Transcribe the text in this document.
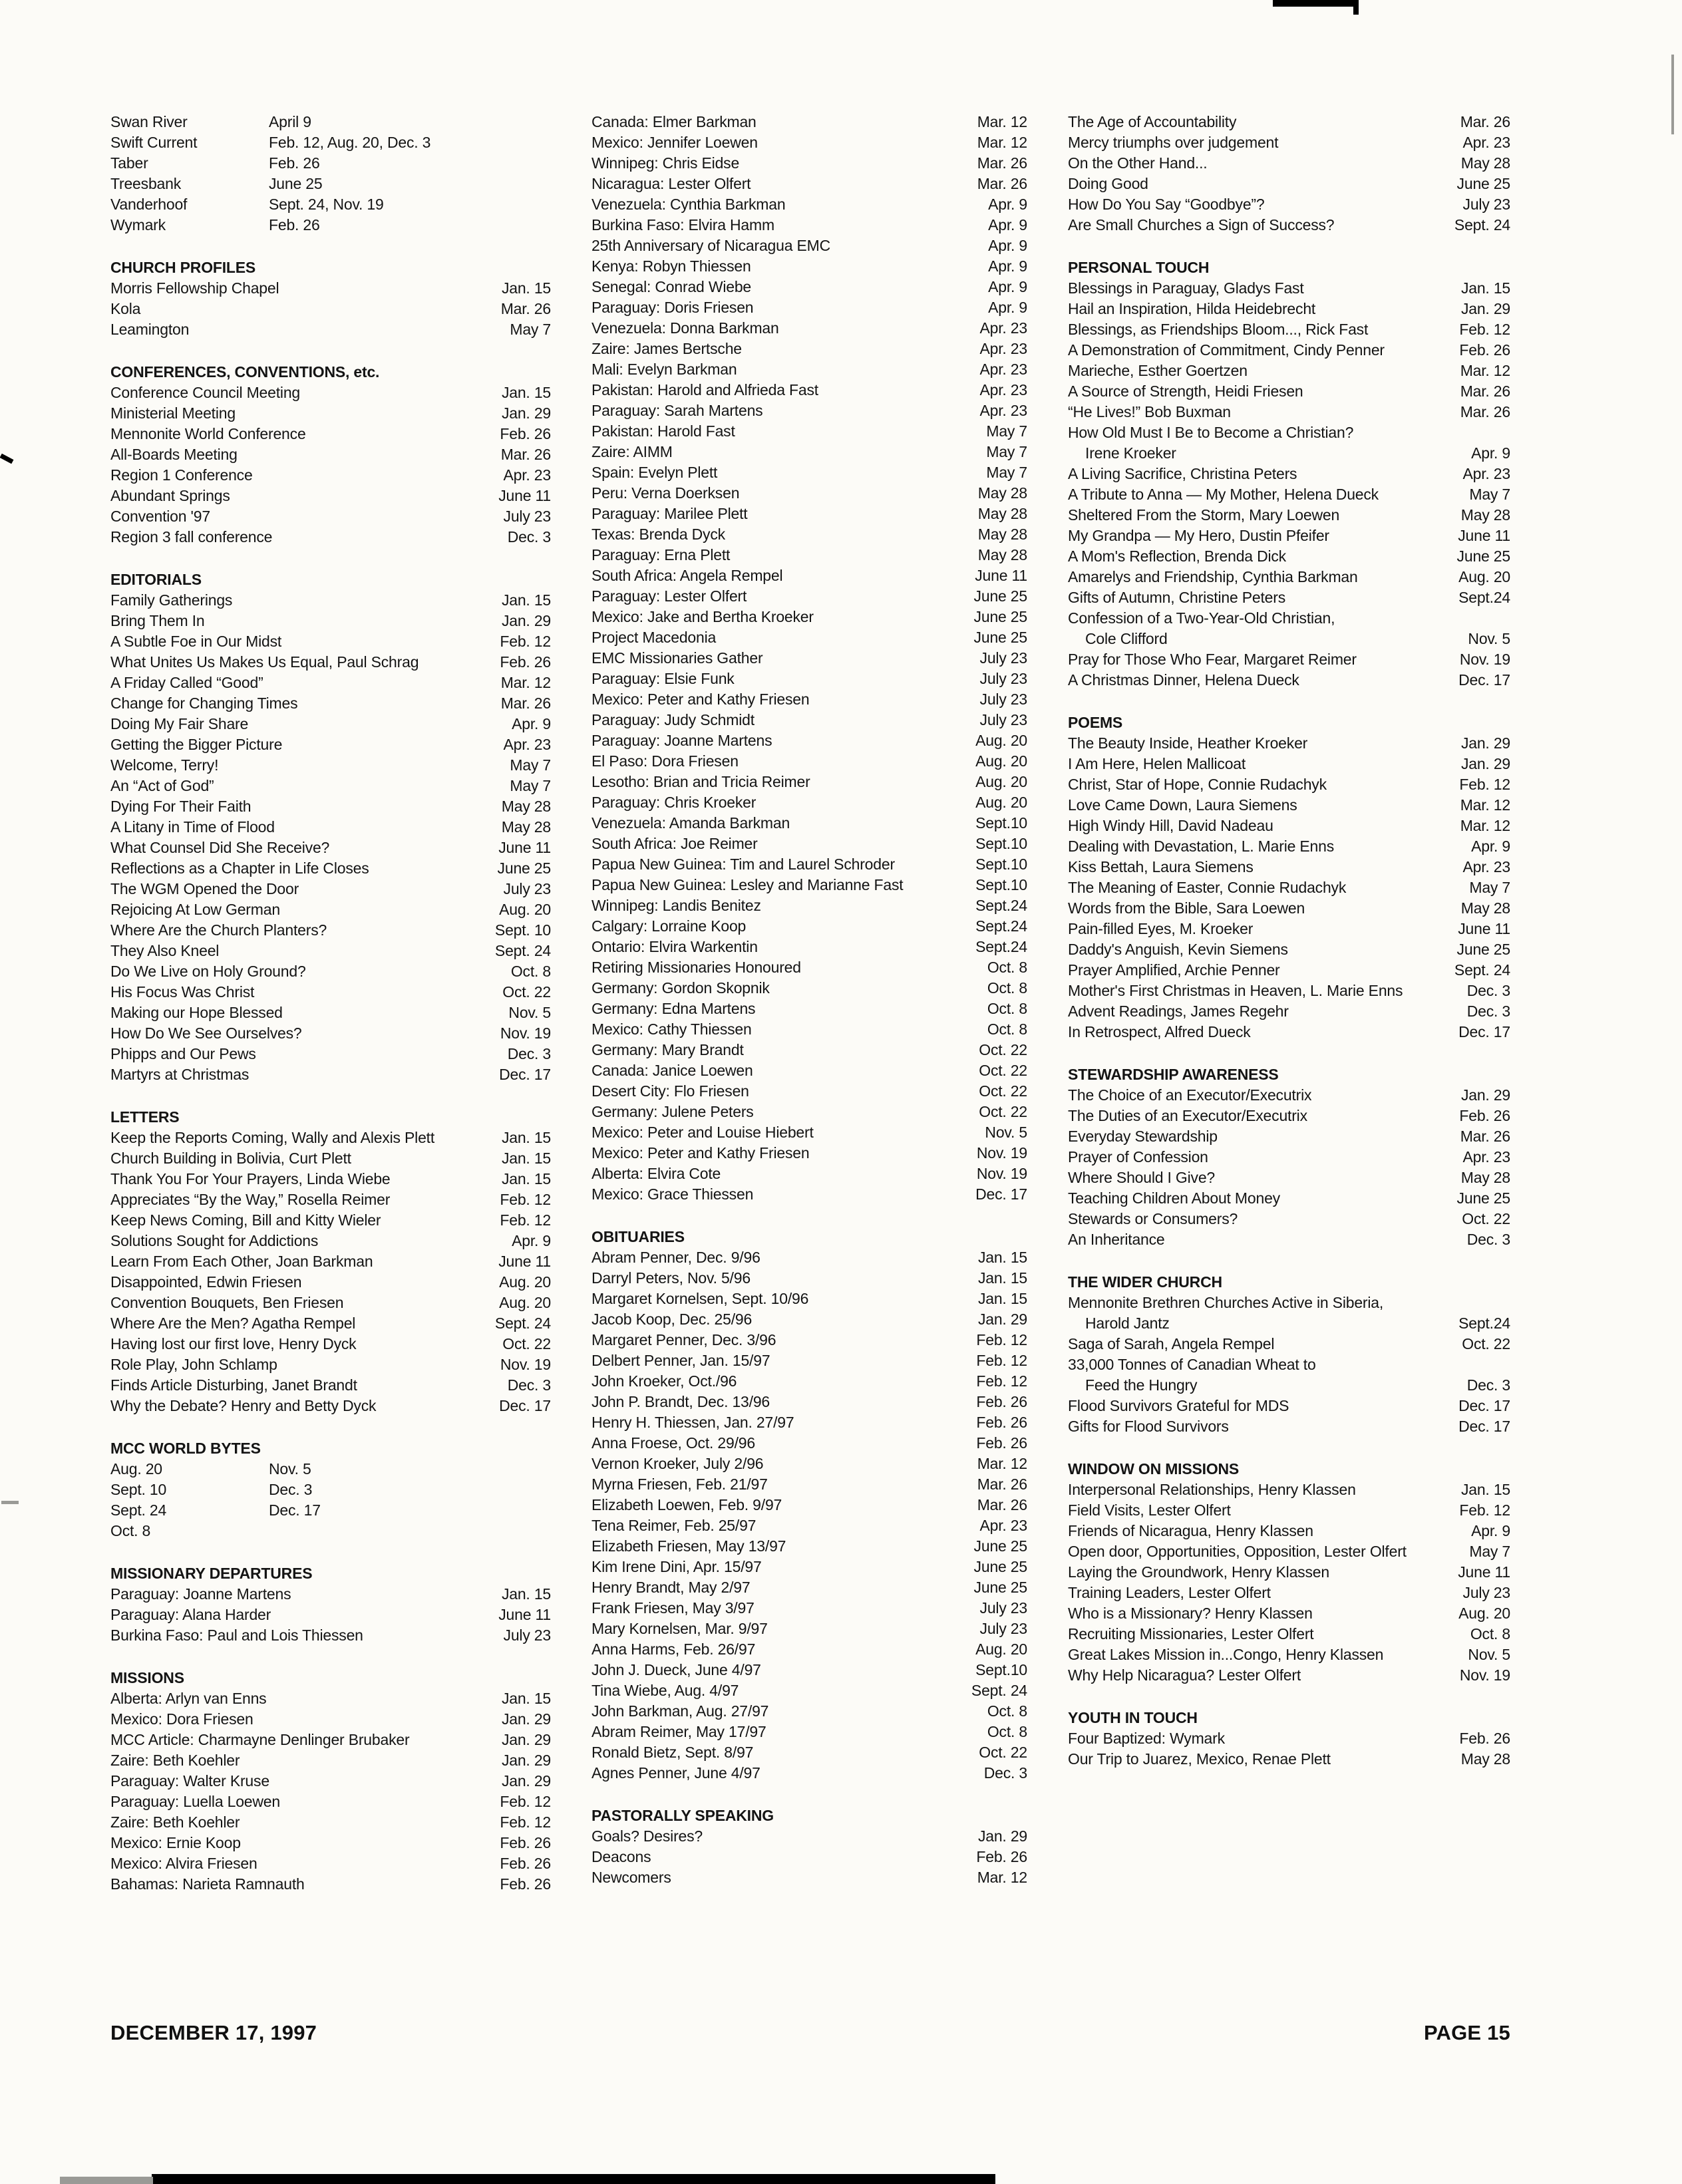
Swan River	April 9
Swift Current	Feb. 12, Aug. 20, Dec. 3
Taber	Feb. 26
Treesbank	June 25
Vanderhoof	Sept. 24, Nov. 19
Wymark	Feb. 26
CHURCH PROFILES
Morris Fellowship Chapel	Jan. 15
Kola	Mar. 26
Leamington	May 7
CONFERENCES, CONVENTIONS, etc.
Conference Council Meeting	Jan. 15
Ministerial Meeting	Jan. 29
Mennonite World Conference	Feb. 26
All-Boards Meeting	Mar. 26
Region 1 Conference	Apr. 23
Abundant Springs	June 11
Convention '97	July 23
Region 3 fall conference	Dec. 3
EDITORIALS
Family Gatherings	Jan. 15
Bring Them In	Jan. 29
A Subtle Foe in Our Midst	Feb. 12
What Unites Us Makes Us Equal, Paul Schrag	Feb. 26
A Friday Called “Good”	Mar. 12
Change for Changing Times	Mar. 26
Doing My Fair Share	Apr. 9
Getting the Bigger Picture	Apr. 23
Welcome, Terry!	May 7
An “Act of God”	May 7
Dying For Their Faith	May 28
A Litany in Time of Flood	May 28
What Counsel Did She Receive?	June 11
Reflections as a Chapter in Life Closes	June 25
The WGM Opened the Door	July 23
Rejoicing At Low German	Aug. 20
Where Are the Church Planters?	Sept. 10
They Also Kneel	Sept. 24
Do We Live on Holy Ground?	Oct. 8
His Focus Was Christ	Oct. 22
Making our Hope Blessed	Nov. 5
How Do We See Ourselves?	Nov. 19
Phipps and Our Pews	Dec. 3
Martyrs at Christmas	Dec. 17
LETTERS
Keep the Reports Coming, Wally and Alexis Plett	Jan. 15
Church Building in Bolivia, Curt Plett	Jan. 15
Thank You For Your Prayers, Linda Wiebe	Jan. 15
Appreciates “By the Way,” Rosella Reimer	Feb. 12
Keep News Coming, Bill and Kitty Wieler	Feb. 12
Solutions Sought for Addictions	Apr. 9
Learn From Each Other, Joan Barkman	June 11
Disappointed, Edwin Friesen	Aug. 20
Convention Bouquets, Ben Friesen	Aug. 20
Where Are the Men? Agatha Rempel	Sept. 24
Having lost our first love, Henry Dyck	Oct. 22
Role Play, John Schlamp	Nov. 19
Finds Article Disturbing, Janet Brandt	Dec. 3
Why the Debate? Henry and Betty Dyck	Dec. 17
MCC WORLD BYTES
Aug. 20	Nov. 5
Sept. 10	Dec. 3
Sept. 24	Dec. 17
Oct. 8
MISSIONARY DEPARTURES
Paraguay: Joanne Martens	Jan. 15
Paraguay: Alana Harder	June 11
Burkina Faso: Paul and Lois Thiessen	July 23
MISSIONS
Alberta: Arlyn van Enns	Jan. 15
Mexico: Dora Friesen	Jan. 29
MCC Article: Charmayne Denlinger Brubaker	Jan. 29
Zaire: Beth Koehler	Jan. 29
Paraguay: Walter Kruse	Jan. 29
Paraguay: Luella Loewen	Feb. 12
Zaire: Beth Koehler	Feb. 12
Mexico: Ernie Koop	Feb. 26
Mexico: Alvira Friesen	Feb. 26
Bahamas: Narieta Ramnauth	Feb. 26
Canada: Elmer Barkman	Mar. 12
Mexico: Jennifer Loewen	Mar. 12
Winnipeg: Chris Eidse	Mar. 26
Nicaragua: Lester Olfert	Mar. 26
Venezuela: Cynthia Barkman	Apr. 9
Burkina Faso: Elvira Hamm	Apr. 9
25th Anniversary of Nicaragua EMC	Apr. 9
Kenya: Robyn Thiessen	Apr. 9
Senegal: Conrad Wiebe	Apr. 9
Paraguay: Doris Friesen	Apr. 9
Venezuela: Donna Barkman	Apr. 23
Zaire: James Bertsche	Apr. 23
Mali: Evelyn Barkman	Apr. 23
Pakistan: Harold and Alfrieda Fast	Apr. 23
Paraguay: Sarah Martens	Apr. 23
Pakistan: Harold Fast	May 7
Zaire: AIMM	May 7
Spain: Evelyn Plett	May 7
Peru: Verna Doerksen	May 28
Paraguay: Marilee Plett	May 28
Texas: Brenda Dyck	May 28
Paraguay: Erna Plett	May 28
South Africa: Angela Rempel	June 11
Paraguay: Lester Olfert	June 25
Mexico: Jake and Bertha Kroeker	June 25
Project Macedonia	June 25
EMC Missionaries Gather	July 23
Paraguay: Elsie Funk	July 23
Mexico: Peter and Kathy Friesen	July 23
Paraguay: Judy Schmidt	July 23
Paraguay: Joanne Martens	Aug. 20
El Paso: Dora Friesen	Aug. 20
Lesotho: Brian and Tricia Reimer	Aug. 20
Paraguay: Chris Kroeker	Aug. 20
Venezuela: Amanda Barkman	Sept.10
South Africa: Joe Reimer	Sept.10
Papua New Guinea: Tim and Laurel Schroder	Sept.10
Papua New Guinea: Lesley and Marianne Fast	Sept.10
Winnipeg: Landis Benitez	Sept.24
Calgary: Lorraine Koop	Sept.24
Ontario: Elvira Warkentin	Sept.24
Retiring Missionaries Honoured	Oct. 8
Germany: Gordon Skopnik	Oct. 8
Germany: Edna Martens	Oct. 8
Mexico: Cathy Thiessen	Oct. 8
Germany: Mary Brandt	Oct. 22
Canada: Janice Loewen	Oct. 22
Desert City: Flo Friesen	Oct. 22
Germany: Julene Peters	Oct. 22
Mexico: Peter and Louise Hiebert	Nov. 5
Mexico: Peter and Kathy Friesen	Nov. 19
Alberta: Elvira Cote	Nov. 19
Mexico: Grace Thiessen	Dec. 17
OBITUARIES
Abram Penner, Dec. 9/96	Jan. 15
Darryl Peters, Nov. 5/96	Jan. 15
Margaret Kornelsen, Sept. 10/96	Jan. 15
Jacob Koop, Dec. 25/96	Jan. 29
Margaret Penner, Dec. 3/96	Feb. 12
Delbert Penner, Jan. 15/97	Feb. 12
John Kroeker, Oct./96	Feb. 12
John P. Brandt, Dec. 13/96	Feb. 26
Henry H. Thiessen, Jan. 27/97	Feb. 26
Anna Froese, Oct. 29/96	Feb. 26
Vernon Kroeker, July 2/96	Mar. 12
Myrna Friesen, Feb. 21/97	Mar. 26
Elizabeth Loewen, Feb. 9/97	Mar. 26
Tena Reimer, Feb. 25/97	Apr. 23
Elizabeth Friesen, May 13/97	June 25
Kim Irene Dini, Apr. 15/97	June 25
Henry Brandt, May 2/97	June 25
Frank Friesen, May 3/97	July 23
Mary Kornelsen, Mar. 9/97	July 23
Anna Harms, Feb. 26/97	Aug. 20
John J. Dueck, June 4/97	Sept.10
Tina Wiebe, Aug. 4/97	Sept. 24
John Barkman, Aug. 27/97	Oct. 8
Abram Reimer, May 17/97	Oct. 8
Ronald Bietz, Sept. 8/97	Oct. 22
Agnes Penner, June 4/97	Dec. 3
PASTORALLY SPEAKING
Goals? Desires?	Jan. 29
Deacons	Feb. 26
Newcomers	Mar. 12
The Age of Accountability	Mar. 26
Mercy triumphs over judgement	Apr. 23
On the Other Hand...	May 28
Doing Good	June 25
How Do You Say “Goodbye”?	July 23
Are Small Churches a Sign of Success?	Sept. 24
PERSONAL TOUCH
Blessings in Paraguay, Gladys Fast	Jan. 15
Hail an Inspiration, Hilda Heidebrecht	Jan. 29
Blessings, as Friendships Bloom..., Rick Fast	Feb. 12
A Demonstration of Commitment, Cindy Penner	Feb. 26
Marieche, Esther Goertzen	Mar. 12
A Source of Strength, Heidi Friesen	Mar. 26
“He Lives!” Bob Buxman	Mar. 26
How Old Must I Be to Become a Christian?
Irene Kroeker	Apr. 9
A Living Sacrifice, Christina Peters	Apr. 23
A Tribute to Anna — My Mother, Helena Dueck	May 7
Sheltered From the Storm, Mary Loewen	May 28
My Grandpa — My Hero, Dustin Pfeifer	June 11
A Mom's Reflection, Brenda Dick	June 25
Amarelys and Friendship, Cynthia Barkman	Aug. 20
Gifts of Autumn, Christine Peters	Sept.24
Confession of a Two-Year-Old Christian,
Cole Clifford	Nov. 5
Pray for Those Who Fear, Margaret Reimer	Nov. 19
A Christmas Dinner, Helena Dueck	Dec. 17
POEMS
The Beauty Inside, Heather Kroeker	Jan. 29
I Am Here, Helen Mallicoat	Jan. 29
Christ, Star of Hope, Connie Rudachyk	Feb. 12
Love Came Down, Laura Siemens	Mar. 12
High Windy Hill, David Nadeau	Mar. 12
Dealing with Devastation, L. Marie Enns	Apr. 9
Kiss Bettah, Laura Siemens	Apr. 23
The Meaning of Easter, Connie Rudachyk	May 7
Words from the Bible, Sara Loewen	May 28
Pain-filled Eyes, M. Kroeker	June 11
Daddy's Anguish, Kevin Siemens	June 25
Prayer Amplified, Archie Penner	Sept. 24
Mother's First Christmas in Heaven, L. Marie Enns	Dec. 3
Advent Readings, James Regehr	Dec. 3
In Retrospect, Alfred Dueck	Dec. 17
STEWARDSHIP AWARENESS
The Choice of an Executor/Executrix	Jan. 29
The Duties of an Executor/Executrix	Feb. 26
Everyday Stewardship	Mar. 26
Prayer of Confession	Apr. 23
Where Should I Give?	May 28
Teaching Children About Money	June 25
Stewards or Consumers?	Oct. 22
An Inheritance	Dec. 3
THE WIDER CHURCH
Mennonite Brethren Churches Active in Siberia,
Harold Jantz	Sept.24
Saga of Sarah, Angela Rempel	Oct. 22
33,000 Tonnes of Canadian Wheat to
Feed the Hungry	Dec. 3
Flood Survivors Grateful for MDS	Dec. 17
Gifts for Flood Survivors	Dec. 17
WINDOW ON MISSIONS
Interpersonal Relationships, Henry Klassen	Jan. 15
Field Visits, Lester Olfert	Feb. 12
Friends of Nicaragua, Henry Klassen	Apr. 9
Open door, Opportunities, Opposition, Lester Olfert	May 7
Laying the Groundwork, Henry Klassen	June 11
Training Leaders, Lester Olfert	July 23
Who is a Missionary? Henry Klassen	Aug. 20
Recruiting Missionaries, Lester Olfert	Oct. 8
Great Lakes Mission in...Congo, Henry Klassen	Nov. 5
Why Help Nicaragua? Lester Olfert	Nov. 19
YOUTH IN TOUCH
Four Baptized: Wymark	Feb. 26
Our Trip to Juarez, Mexico, Renae Plett	May 28
DECEMBER 17, 1997	PAGE 15
